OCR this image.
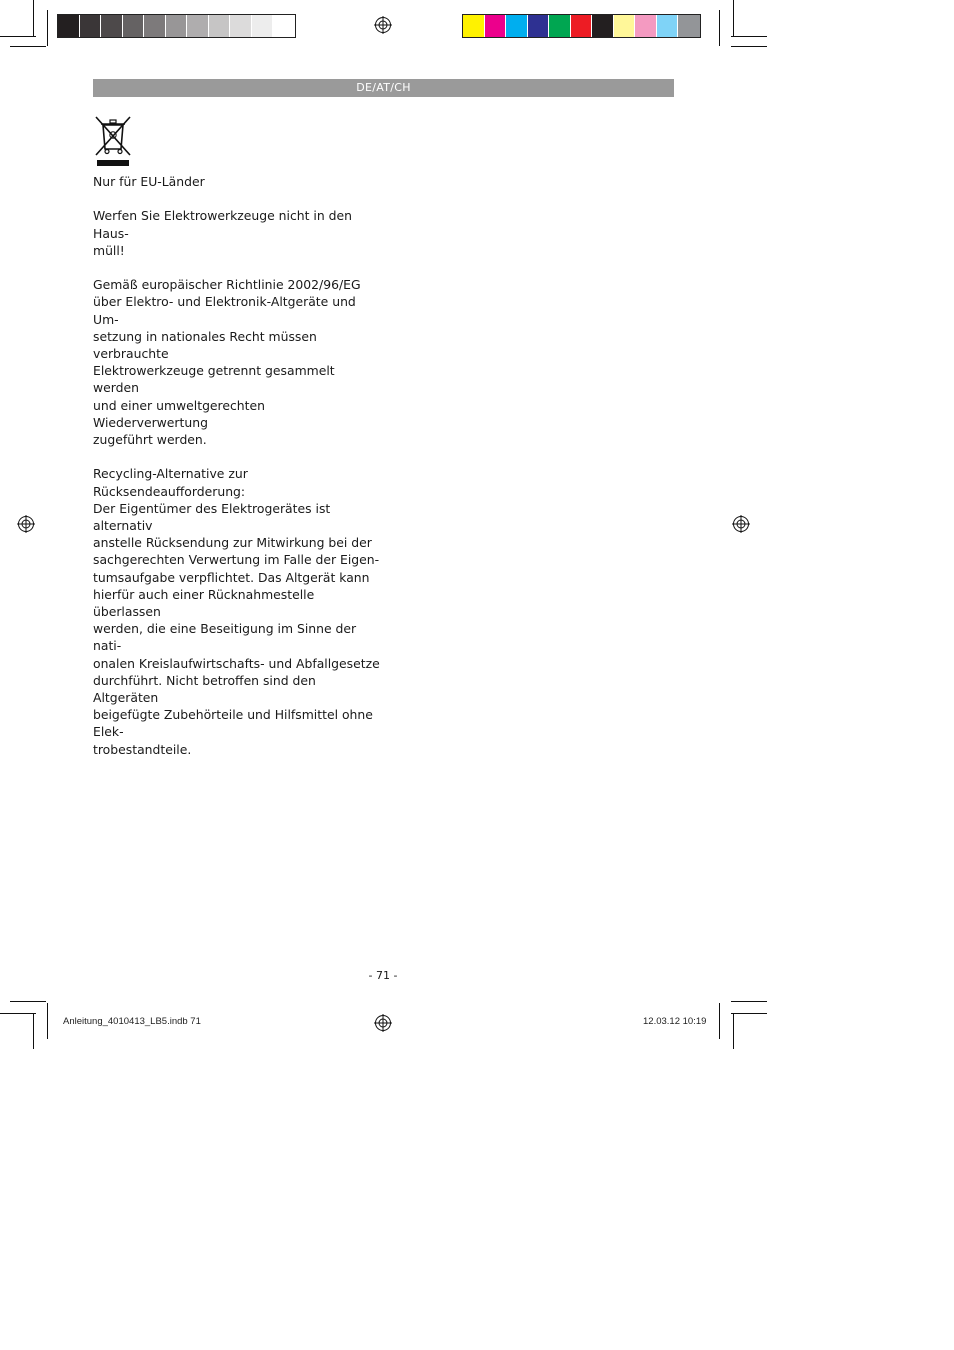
DE/AT/CH

Nur für EU-Länder

Werfen Sie Elektrowerkzeuge nicht in den Haus-
müll!

Gemäß europäischer Richtlinie 2002/96/EG
über Elektro- und Elektronik-Altgeräte und Um-
setzung in nationales Recht müssen verbrauchte
Elektrowerkzeuge getrennt gesammelt werden
und einer umweltgerechten Wiederverwertung
zugeführt werden.

Recycling-Alternative zur Rücksendeaufforderung:
Der Eigentümer des Elektrogerätes ist alternativ
anstelle Rücksendung zur Mitwirkung bei der
sachgerechten Verwertung im Falle der Eigen-
tumsaufgabe verpflichtet. Das Altgerät kann
hierfür auch einer Rücknahmestelle überlassen
werden, die eine Beseitigung im Sinne der nati-
onalen Kreislaufwirtschafts- und Abfallgesetze
durchführt. Nicht betroffen sind den Altgeräten
beigefügte Zubehörteile und Hilfsmittel ohne Elek-
trobestandteile.

- 71 -
Anleitung_4010413_LB5.indb 71	12.03.12 10:19
